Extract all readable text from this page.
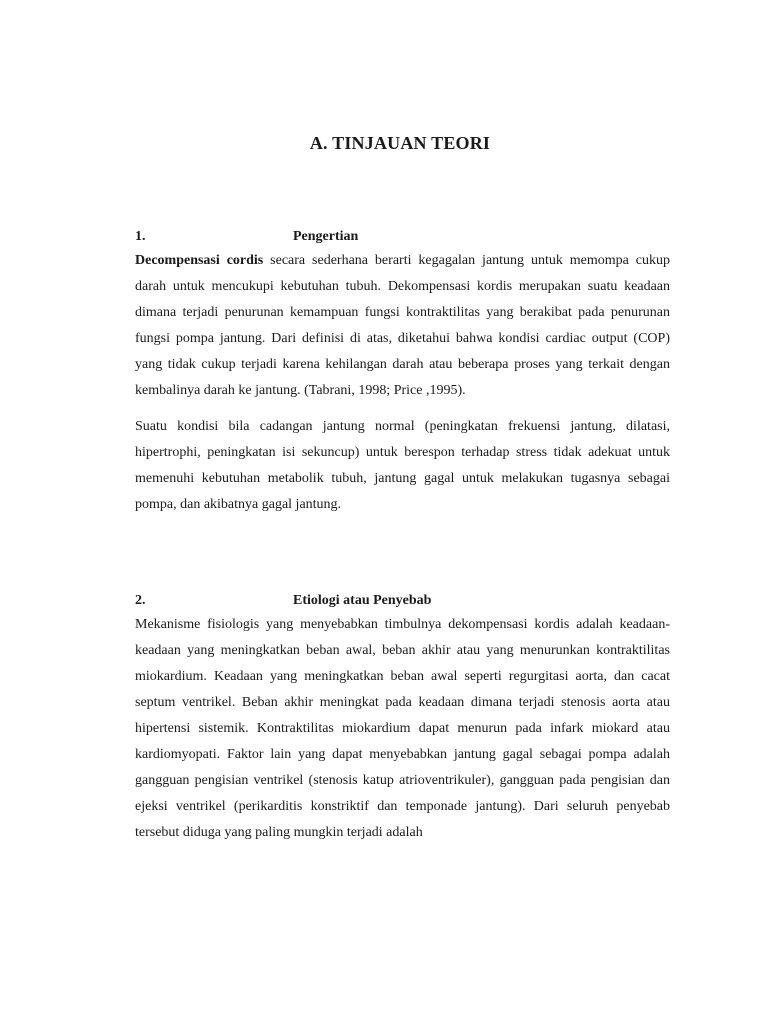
A. TINJAUAN TEORI
1.	Pengertian

Decompensasi cordis secara sederhana berarti kegagalan jantung untuk memompa cukup darah untuk mencukupi kebutuhan tubuh. Dekompensasi kordis merupakan suatu keadaan dimana terjadi penurunan kemampuan fungsi kontraktilitas yang berakibat pada penurunan fungsi pompa jantung. Dari definisi di atas, diketahui bahwa kondisi cardiac output (COP) yang tidak cukup terjadi karena kehilangan darah atau beberapa proses yang terkait dengan kembalinya darah ke jantung. (Tabrani, 1998; Price ,1995).

Suatu kondisi bila cadangan jantung normal (peningkatan frekuensi jantung, dilatasi, hipertrophi, peningkatan isi sekuncup) untuk berespon terhadap stress tidak adekuat untuk memenuhi kebutuhan metabolik tubuh, jantung gagal untuk melakukan tugasnya sebagai pompa, dan akibatnya gagal jantung.

2.	Etiologi atau Penyebab

Mekanisme fisiologis yang menyebabkan timbulnya dekompensasi kordis adalah keadaan-keadaan yang meningkatkan beban awal, beban akhir atau yang menurunkan kontraktilitas miokardium. Keadaan yang meningkatkan beban awal seperti regurgitasi aorta, dan cacat septum ventrikel. Beban akhir meningkat pada keadaan dimana terjadi stenosis aorta atau hipertensi sistemik. Kontraktilitas miokardium dapat menurun pada infark miokard atau kardiomyopati. Faktor lain yang dapat menyebabkan jantung gagal sebagai pompa adalah gangguan pengisian ventrikel (stenosis katup atrioventrikuler), gangguan pada pengisian dan ejeksi ventrikel (perikarditis konstriktif dan temponade jantung). Dari seluruh penyebab tersebut diduga yang paling mungkin terjadi adalah
